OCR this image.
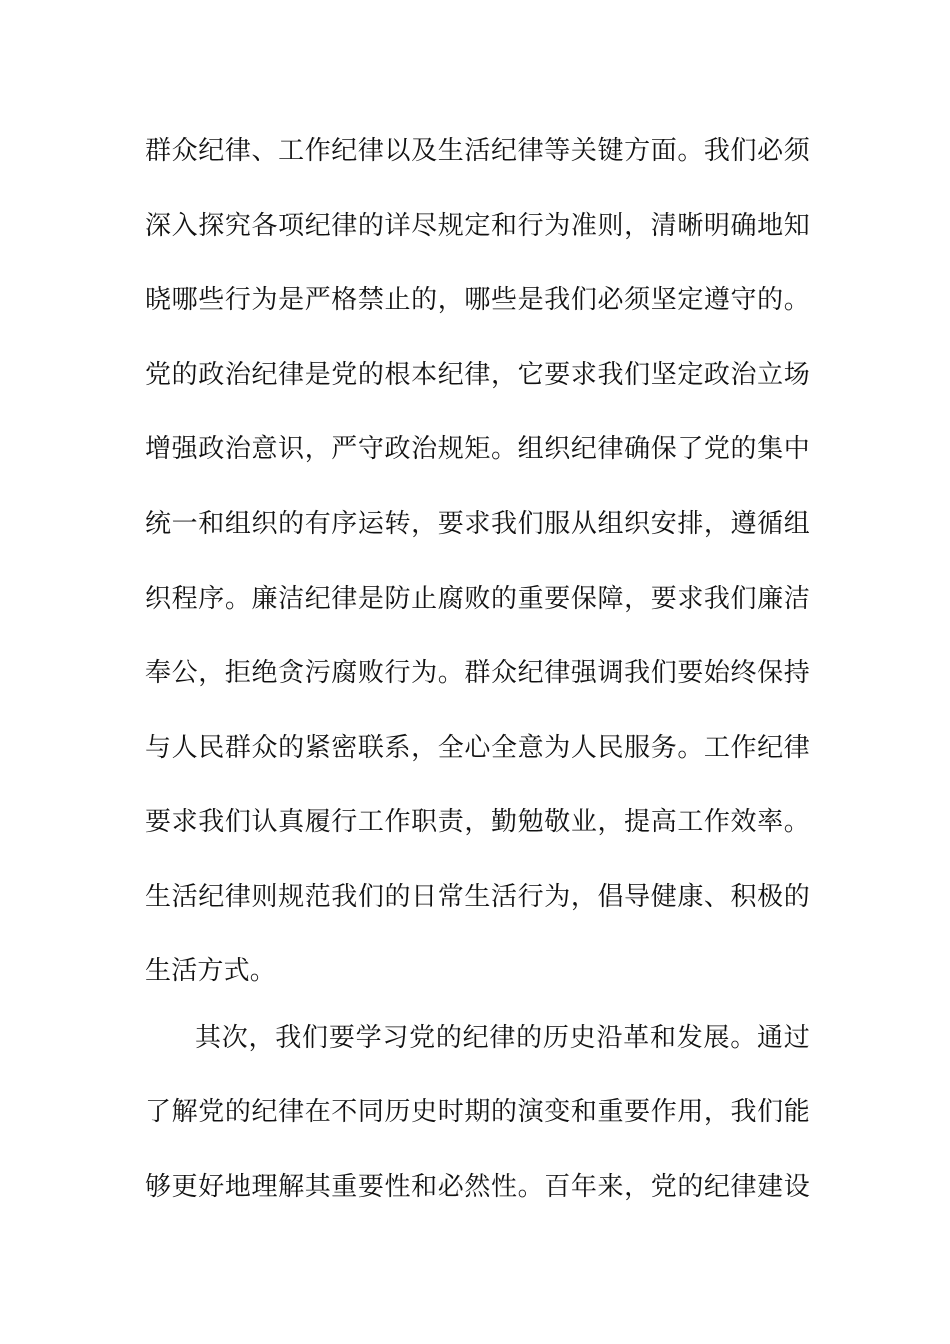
群众纪律、工作纪律以及生活纪律等关键方面。我们必须
深入探究各项纪律的详尽规定和行为准则，清晰明确地知
晓哪些行为是严格禁止的，哪些是我们必须坚定遵守的。
党的政治纪律是党的根本纪律，它要求我们坚定政治立场
增强政治意识，严守政治规矩。组织纪律确保了党的集中
统一和组织的有序运转，要求我们服从组织安排，遵循组
织程序。廉洁纪律是防止腐败的重要保障，要求我们廉洁
奉公，拒绝贪污腐败行为。群众纪律强调我们要始终保持
与人民群众的紧密联系，全心全意为人民服务。工作纪律
要求我们认真履行工作职责，勤勉敬业，提高工作效率。
生活纪律则规范我们的日常生活行为，倡导健康、积极的
生活方式。
其次，我们要学习党的纪律的历史沿革和发展。通过
了解党的纪律在不同历史时期的演变和重要作用，我们能
够更好地理解其重要性和必然性。百年来，党的纪律建设
